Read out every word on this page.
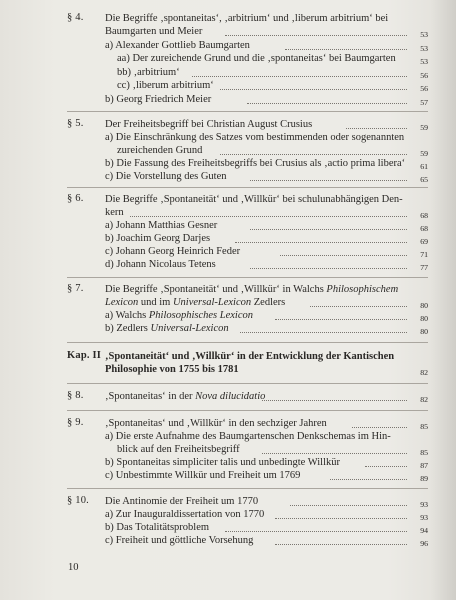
§ 4. Die Begriffe ‚spontaneitas‘, ‚arbitrium‘ und ‚liberum arbitrium‘ bei
Baumgarten und Meier	53
a) Alexander Gottlieb Baumgarten	53
aa) Der zureichende Grund und die ‚spontaneitas‘ bei Baumgarten	53
bb) ‚arbitrium‘	56
cc) ‚liberum arbitrium‘	56
b) Georg Friedrich Meier	57
§ 5. Der Freiheitsbegriff bei Christian August Crusius	59
a) Die Einschränkung des Satzes vom bestimmenden oder sogenannten
zureichenden Grund	59
b) Die Fassung des Freiheitsbegriffs bei Crusius als ‚actio prima libera‘ 61
c) Die Vorstellung des Guten	65
§ 6. Die Begriffe ‚Spontaneität‘ und ‚Willkür‘ bei schulunabhängigen Den-
kern	68
a) Johann Matthias Gesner	68
b) Joachim Georg Darjes	69
c) Johann Georg Heinrich Feder	71
d) Johann Nicolaus Tetens	77
§ 7. Die Begriffe ‚Spontaneität‘ und ‚Willkür‘ in Walchs Philosophischem
Lexicon und im Universal-Lexicon Zedlers	80
a) Walchs Philosophisches Lexicon	80
b) Zedlers Universal-Lexicon	80
Kap. II ‚Spontaneität‘ und ‚Willkür‘ in der Entwicklung der Kantischen
Philosophie von 1755 bis 1781	82
§ 8. ‚Spontaneitas‘ in der Nova dilucidatio	82
§ 9. ‚Spontaneitas‘ und ‚Willkür‘ in den sechziger Jahren	85
a) Die erste Aufnahme des Baumgartenschen Denkschemas im Hin-
blick auf den Freiheitsbegriff	85
b) Spontaneitas simpliciter talis und unbedingte Willkür	87
c) Unbestimmte Willkür und Freiheit um 1769	89
§ 10. Die Antinomie der Freiheit um 1770	93
a) Zur Inauguraldissertation von 1770	93
b) Das Totalitätsproblem	94
c) Freiheit und göttliche Vorsehung	96
10
